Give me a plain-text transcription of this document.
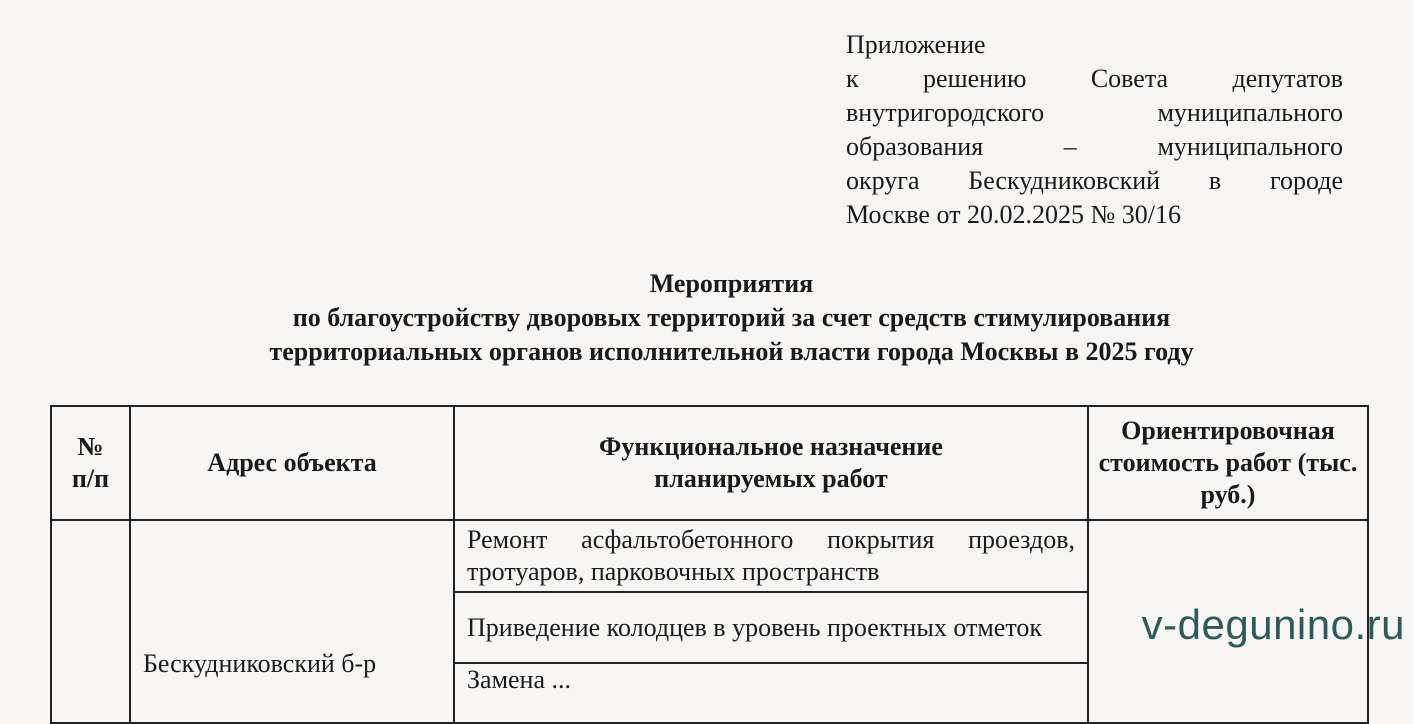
Приложение
к решению Совета депутатов
внутригородского муниципального
образования – муниципального
округа Бескудниковский в городе
Москве от 20.02.2025 № 30/16
Мероприятия
по благоустройству дворовых территорий за счет средств стимулирования
территориальных органов исполнительной власти города Москвы в 2025 году
№ п/п	Адрес объекта	Функциональное назначение планируемых работ	Ориентировочная стоимость работ (тыс. руб.)

	Бескудниковский б-р	Ремонт асфальтобетонного покрытия проездов, тротуаров, парковочных пространств	
		Приведение колодцев в уровень проектных отметок	
		Замена ...	
v-degunino.ru
